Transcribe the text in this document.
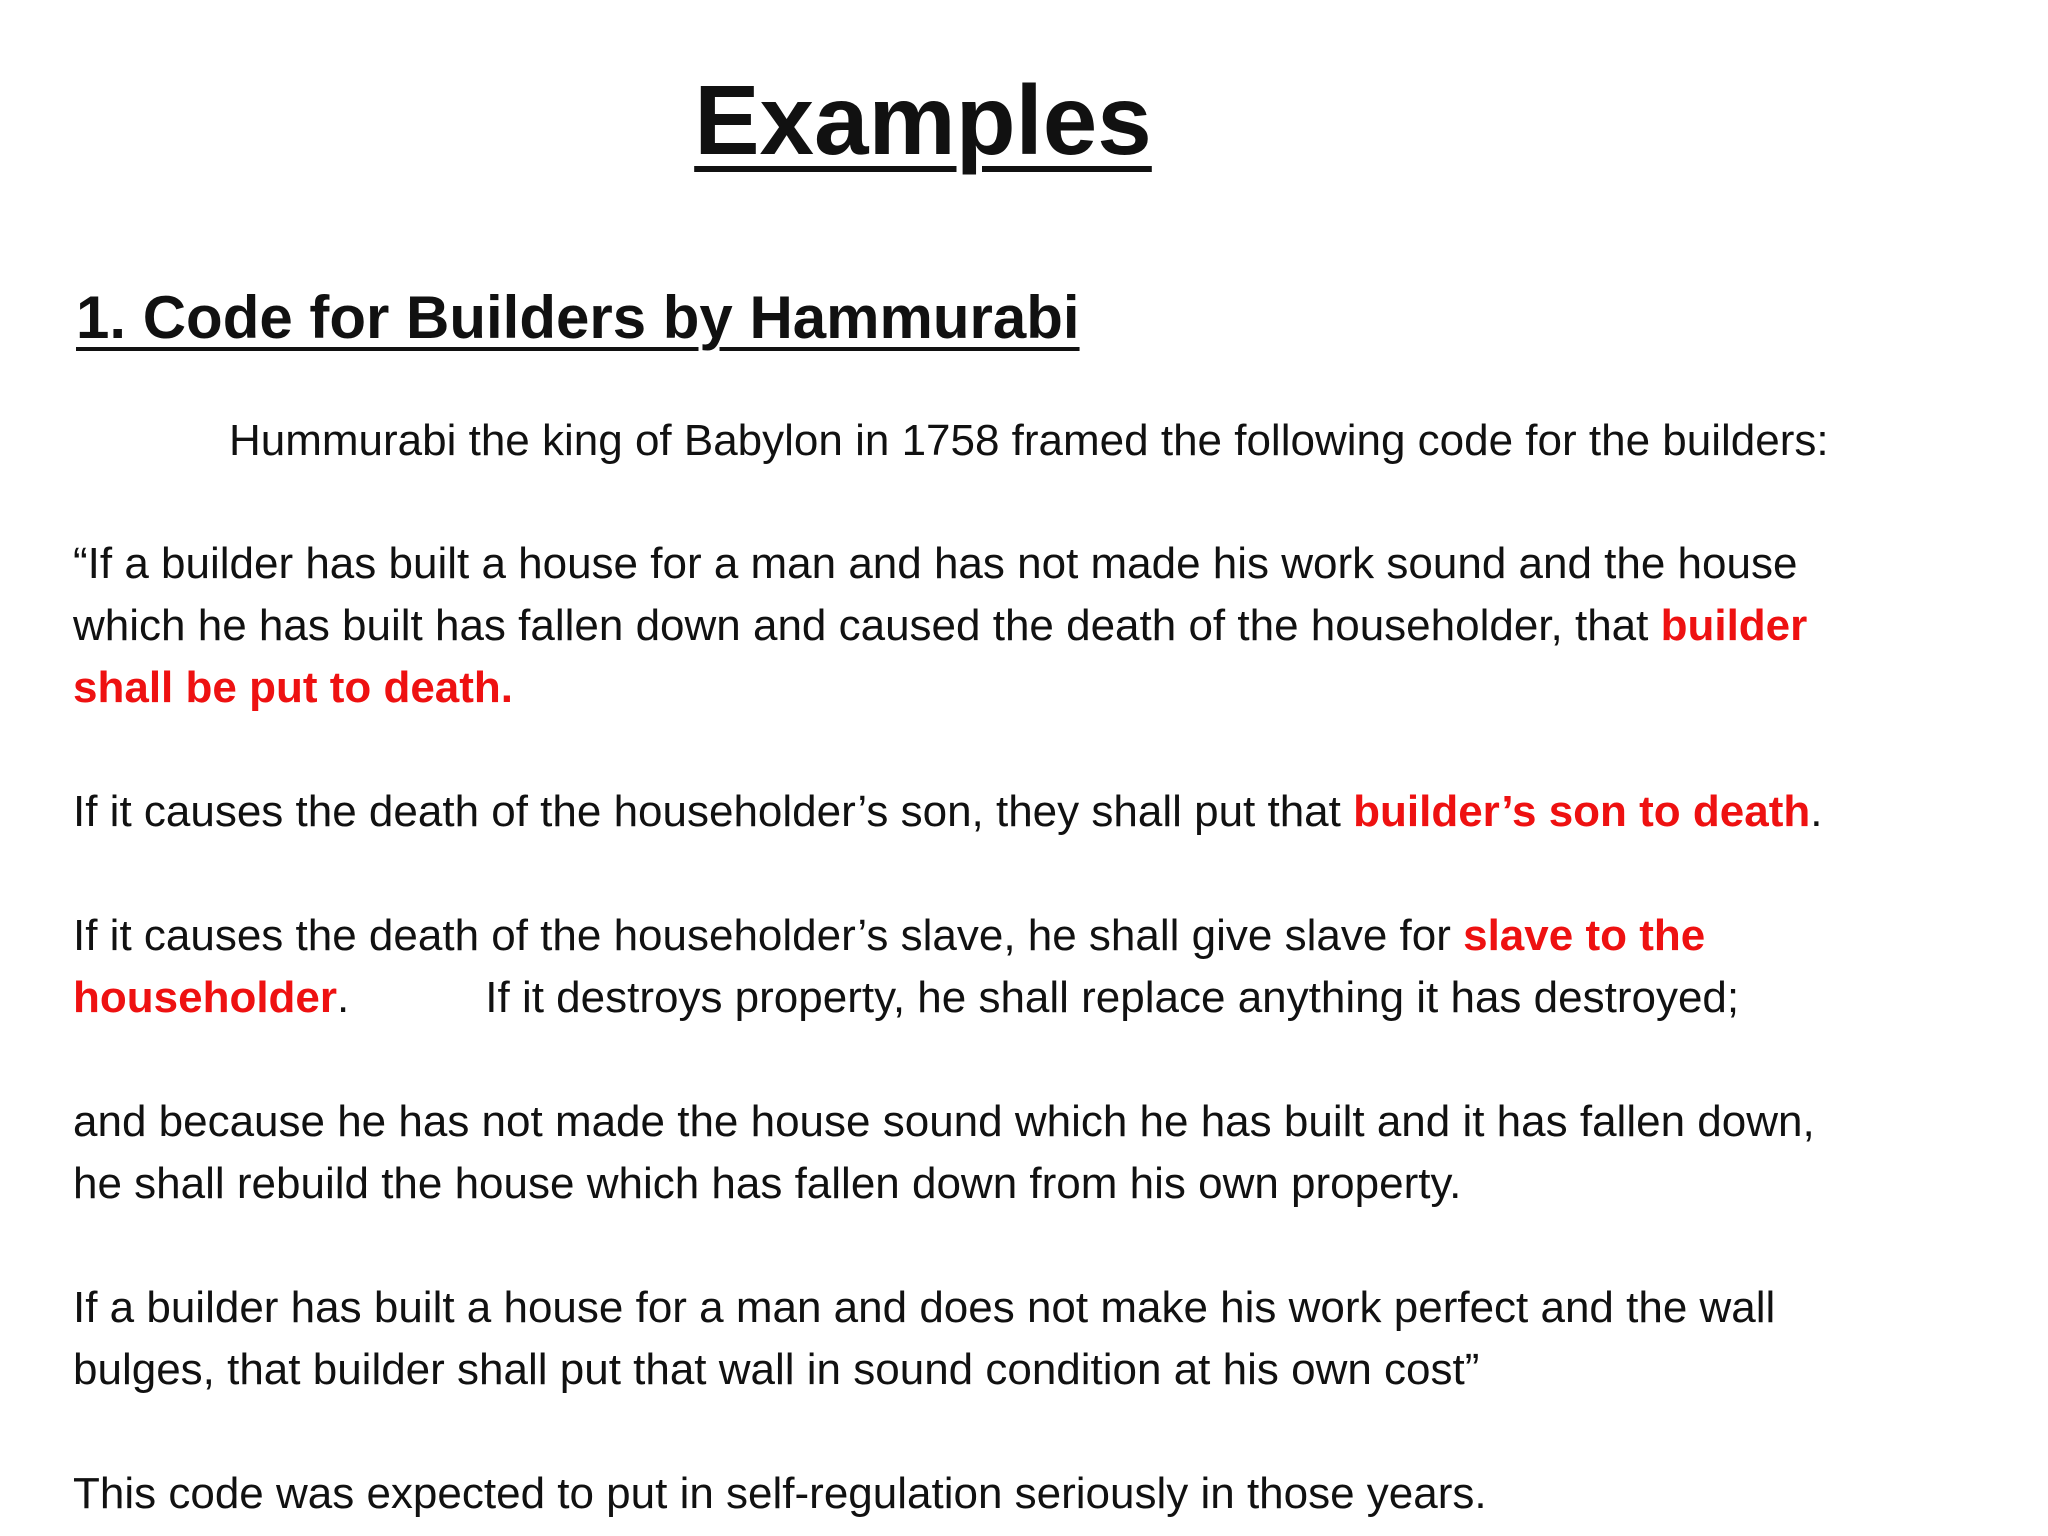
Examples
1. Code for Builders by Hammurabi
Hummurabi the king of Babylon in 1758 framed the following code for the builders:
“If a builder has built a house for a man and has not made his work sound and the house
which he has built has fallen down and caused the death of the householder, that builder
shall be put to death.
If it causes the death of the householder’s son, they shall put that builder’s son to death.
If it causes the death of the householder’s slave, he shall give slave for slave to the
householder.	If it destroys property, he shall replace anything it has destroyed;
and because he has not made the house sound which he has built and it has fallen down,
he shall rebuild the house which has fallen down from his own property.
If a builder has built a house for a man and does not make his work perfect and the wall
bulges, that builder shall put that wall in sound condition at his own cost”
This code was expected to put in self-regulation seriously in those years.
